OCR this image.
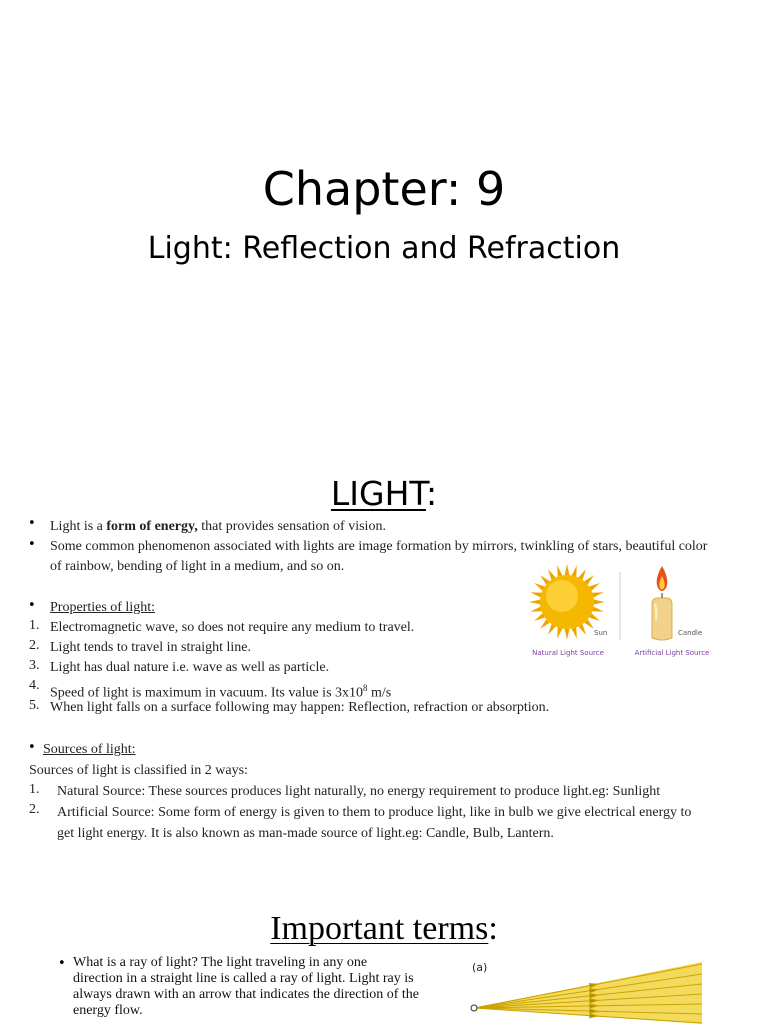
Chapter: 9
Light: Reflection and Refraction
LIGHT:
• Light is a form of energy, that provides sensation of vision.
• Some common phenomenon associated with lights are image formation by mirrors, twinkling of stars, beautiful color
of rainbow, bending of light in a medium, and so on.
• Properties of light:
1. Electromagnetic wave, so does not require any medium to travel.
2. Light tends to travel in straight line.
3. Light has dual nature i.e. wave as well as particle.
4.
Speed of light is maximum in vacuum. Its value is $3x10^8$ m/s
5. When light falls on a surface following may happen: Reflection, refraction or absorption.
Sun	Candle
Natural Light Source	Artificial Light Source
• Sources of light:
Sources of light is classified in 2 ways:
1. Natural Source: These sources produces light naturally, no energy requirement to produce light.eg: Sunlight
2. Artificial Source: Some form of energy is given to them to produce light, like in bulb we give electrical energy to
get light energy. It is also known as man-made source of light.eg: Candle, Bulb, Lantern.
Important terms:
• What is a ray of light? The light traveling in any one
direction in a straight line is called a ray of light. Light ray is
always drawn with an arrow that indicates the direction of the
energy flow.
(a)
